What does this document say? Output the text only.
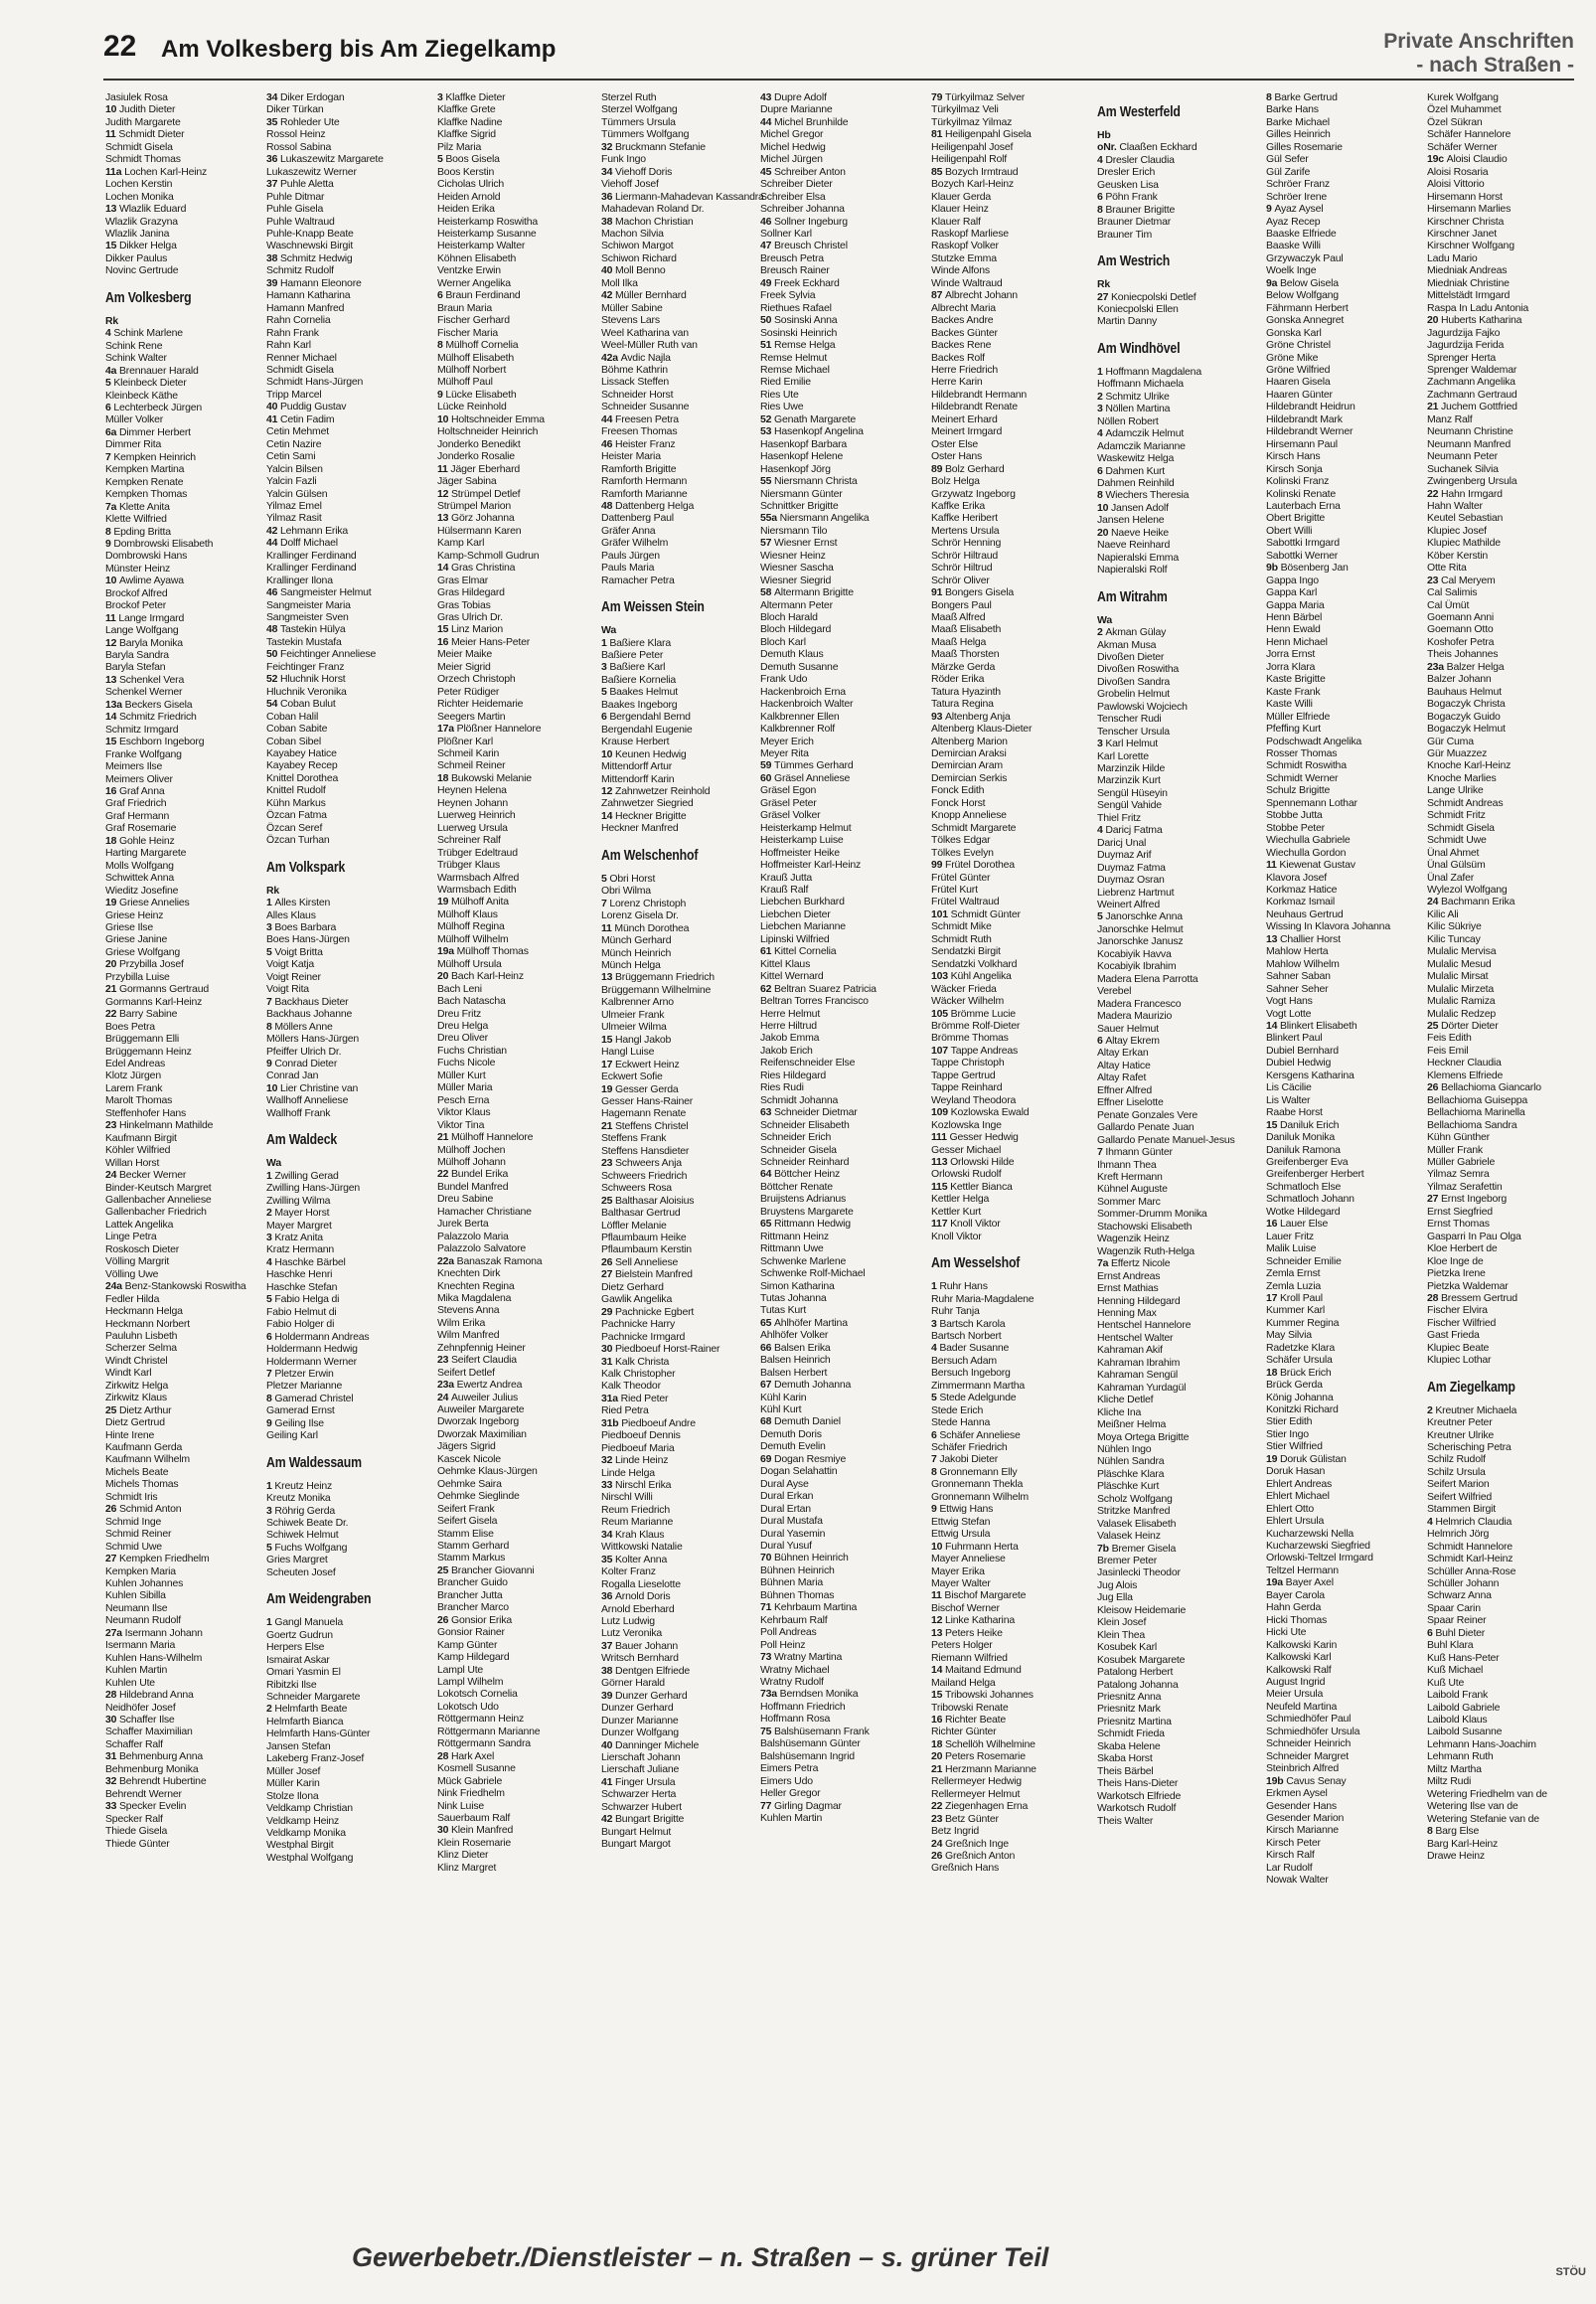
22 Am Volkesberg bis Am Ziegelkamp	Private Anschriften
- nach Straßen -
Jasiulek Rosa
10 Judith Dieter
Judith Margarete
11 Schmidt Dieter
Schmidt Gisela
Schmidt Thomas
11a Lochen Karl-Heinz
Lochen Kerstin
Lochen Monika
13 Wlazlik Eduard
Wlazlik Grazyna
Wlazlik Janina
15 Dikker Helga
Dikker Paulus
Novinc Gertrude
Am Volkesberg
Rk
4 Schink Marlene
Schink Rene
Schink Walter
4a Brennauer Harald
5 Kleinbeck Dieter
Kleinbeck Käthe
6 Lechterbeck Jürgen
Müller Volker
6a Dimmer Herbert
Dimmer Rita
7 Kempken Heinrich
Kempken Martina
Kempken Renate
Kempken Thomas
7a Klette Anita
Klette Wilfried
8 Epding Britta
9 Dombrowski Elisabeth
Dombrowski Hans
Münster Heinz
10 Awlime Ayawa
Brockof Alfred
Brockof Peter
11 Lange Irmgard
Lange Wolfgang
12 Baryla Monika
Baryla Sandra
Baryla Stefan
13 Schenkel Vera
Schenkel Werner
13a Beckers Gisela
14 Schmitz Friedrich
Schmitz Irmgard
15 Eschborn Ingeborg
Franke Wolfgang
Meimers Ilse
Meimers Oliver
16 Graf Anna
Graf Friedrich
Graf Hermann
Graf Rosemarie
18 Gohle Heinz
Harting Margarete
Molls Wolfgang
Schwittek Anna
Wieditz Josefine
19 Griese Annelies
Griese Heinz
Griese Ilse
Griese Janine
Griese Wolfgang
20 Przybilla Josef
Przybilla Luise
21 Gormanns Gertraud
Gormanns Karl-Heinz
22 Barry Sabine
Boes Petra
Brüggemann Elli
Brüggemann Heinz
Edel Andreas
Klotz Jürgen
Larem Frank
Marolt Thomas
Steffenhofer Hans
23 Hinkelmann Mathilde
Kaufmann Birgit
Köhler Wilfried
Willan Horst
24 Becker Werner
Binder-Keutsch Margret
Gallenbacher Anneliese
Gallenbacher Friedrich
Lattek Angelika
Linge Petra
Roskosch Dieter
Völling Margrit
Völling Uwe
24a Benz-Stankowski Roswitha
Fedler Hilda
Heckmann Helga
Heckmann Norbert
Pauluhn Lisbeth
Scherzer Selma
Windt Christel
Windt Karl
Zirkwitz Helga
Zirkwitz Klaus
25 Dietz Arthur
Dietz Gertrud
Hinte Irene
Kaufmann Gerda
Kaufmann Wilhelm
Michels Beate
Michels Thomas
Schmidt Iris
26 Schmid Anton
Schmid Inge
Schmid Reiner
Schmid Uwe
27 Kempken Friedhelm
Kempken Maria
Kuhlen Johannes
Kuhlen Sibilla
Neumann Ilse
Neumann Rudolf
27a Isermann Johann
Isermann Maria
Kuhlen Hans-Wilhelm
Kuhlen Martin
Kuhlen Ute
28 Hildebrand Anna
Neidhöfer Josef
30 Schaffer Ilse
Schaffer Maximilian
Schaffer Ralf
31 Behmenburg Anna
Behmenburg Monika
32 Behrendt Hubertine
Behrendt Werner
33 Specker Evelin
Specker Ralf
Thiede Gisela
Thiede Günter
34 Diker Erdogan
Diker Türkan
35 Rohleder Ute
Rossol Heinz
Rossol Sabina
36 Lukaszewitz Margarete
Lukaszewitz Werner
37 Puhle Aletta
Puhle Ditmar
Puhle Gisela
Puhle Waltraud
Puhle-Knapp Beate
Waschnewski Birgit
38 Schmitz Hedwig
Schmitz Rudolf
39 Hamann Eleonore
Hamann Katharina
Hamann Manfred
Rahn Cornelia
Rahn Frank
Rahn Karl
Renner Michael
Schmidt Gisela
Schmidt Hans-Jürgen
Tripp Marcel
40 Puddig Gustav
41 Cetin Fadim
Cetin Mehmet
Cetin Nazire
Cetin Sami
Yalcin Bilsen
Yalcin Fazli
Yalcin Gülsen
Yilmaz Emel
Yilmaz Rasit
42 Lehmann Erika
44 Dolff Michael
Krallinger Ferdinand
Krallinger Ferdinand
Krallinger Ilona
46 Sangmeister Helmut
Sangmeister Maria
Sangmeister Sven
48 Tastekin Hülya
Tastekin Mustafa
50 Feichtinger Anneliese
Feichtinger Franz
52 Hluchnik Horst
Hluchnik Veronika
54 Coban Bulut
Coban Halil
Coban Sabite
Coban Sibel
Kayabey Hatice
Kayabey Recep
Knittel Dorothea
Knittel Rudolf
Kühn Markus
Özcan Fatma
Özcan Seref
Özcan Turhan
Am Volkspark
Rk
1 Alles Kirsten
Alles Klaus
3 Boes Barbara
Boes Hans-Jürgen
5 Voigt Britta
Voigt Katja
Voigt Reiner
Voigt Rita
7 Backhaus Dieter
Backhaus Johanne
8 Möllers Anne
Möllers Hans-Jürgen
Pfeiffer Ulrich Dr.
9 Conrad Dieter
Conrad Jan
10 Lier Christine van
Wallhoff Anneliese
Wallhoff Frank
Am Waldeck
Wa
1 Zwilling Gerad
Zwilling Hans-Jürgen
Zwilling Wilma
2 Mayer Horst
Mayer Margret
3 Kratz Anita
Kratz Hermann
4 Haschke Bärbel
Haschke Henri
Haschke Stefan
5 Fabio Helga di
Fabio Helmut di
Fabio Holger di
6 Holdermann Andreas
Holdermann Hedwig
Holdermann Werner
7 Pletzer Erwin
Pletzer Marianne
8 Gamerad Christel
Gamerad Ernst
9 Geiling Ilse
Geiling Karl
Am Waldessaum
1 Kreutz Heinz
Kreutz Monika
3 Röhrig Gerda
Schiwek Beate Dr.
Schiwek Helmut
5 Fuchs Wolfgang
Gries Margret
Scheuten Josef
Am Weidengraben
1 Gangl Manuela
Goertz Gudrun
Herpers Else
Ismairat Askar
Omari Yasmin El
Ribitzki Ilse
Schneider Margarete
2 Helmfarth Beate
Helmfarth Bianca
Helmfarth Hans-Günter
Jansen Stefan
Lakeberg Franz-Josef
Müller Josef
Müller Karin
Stolze Ilona
Veldkamp Christian
Veldkamp Heinz
Veldkamp Monika
Westphal Birgit
Westphal Wolfgang
3 Klaffke Dieter
Klaffke Grete
Klaffke Nadine
Klaffke Sigrid
Pilz Maria
5 Boos Gisela
Boos Kerstin
Cicholas Ulrich
Heiden Arnold
Heiden Erika
Heisterkamp Roswitha
Heisterkamp Susanne
Heisterkamp Walter
Köhnen Elisabeth
Ventzke Erwin
Werner Angelika
6 Braun Ferdinand
Braun Maria
Fischer Gerhard
Fischer Maria
8 Mülhoff Cornelia
Mülhoff Elisabeth
Mülhoff Norbert
Mülhoff Paul
9 Lücke Elisabeth
Lücke Reinhold
10 Holtschneider Emma
Holtschneider Heinrich
Jonderko Benedikt
Jonderko Rosalie
11 Jäger Eberhard
Jäger Sabina
12 Strümpel Detlef
Strümpel Marion
13 Görz Johanna
Hülsermann Karen
Kamp Karl
Kamp-Schmoll Gudrun
14 Gras Christina
Gras Elmar
Gras Hildegard
Gras Tobias
Gras Ulrich Dr.
15 Linz Marion
16 Meier Hans-Peter
Meier Maike
Meier Sigrid
Orzech Christoph
Peter Rüdiger
Richter Heidemarie
Seegers Martin
17a Plößner Hannelore
Plößner Karl
Schmeil Karin
Schmeil Reiner
18 Bukowski Melanie
Heynen Helena
Heynen Johann
Luerweg Heinrich
Luerweg Ursula
Schreiner Ralf
Trübger Edeltraud
Trübger Klaus
Warmsbach Alfred
Warmsbach Edith
19 Mülhoff Anita
Mülhoff Klaus
Mülhoff Regina
Mülhoff Wilhelm
19a Mülhoff Thomas
Mülhoff Ursula
20 Bach Karl-Heinz
Bach Leni
Bach Natascha
Dreu Fritz
Dreu Helga
Dreu Oliver
Fuchs Christian
Fuchs Nicole
Müller Kurt
Müller Maria
Pesch Erna
Viktor Klaus
Viktor Tina
21 Mülhoff Hannelore
Mülhoff Jochen
Mülhoff Johann
22 Bundel Erika
Bundel Manfred
Dreu Sabine
Hamacher Christiane
Jurek Berta
Palazzolo Maria
Palazzolo Salvatore
22a Banaszak Ramona
Knechten Dirk
Knechten Regina
Mika Magdalena
Stevens Anna
Wilm Erika
Wilm Manfred
Zehnpfennig Heiner
23 Seifert Claudia
Seifert Detlef
23a Ewertz Andrea
24 Auweiler Julius
Auweiler Margarete
Dworzak Ingeborg
Dworzak Maximilian
Jägers Sigrid
Kascek Nicole
Oehmke Klaus-Jürgen
Oehmke Saira
Oehmke Sieglinde
Seifert Frank
Seifert Gisela
Stamm Elise
Stamm Gerhard
Stamm Markus
25 Brancher Giovanni
Brancher Guido
Brancher Jutta
Brancher Marco
26 Gonsior Erika
Gonsior Rainer
Kamp Günter
Kamp Hildegard
Lampl Ute
Lampl Wilhelm
Lokotsch Cornelia
Lokotsch Udo
Röttgermann Heinz
Röttgermann Marianne
Röttgermann Sandra
28 Hark Axel
Kosmell Susanne
Mück Gabriele
Nink Friedhelm
Nink Luise
Sauerbaum Ralf
30 Klein Manfred
Klein Rosemarie
Klinz Dieter
Klinz Margret
Sterzel Ruth
Sterzel Wolfgang
Tümmers Ursula
Tümmers Wolfgang
32 Bruckmann Stefanie
Funk Ingo
34 Viehoff Doris
Viehoff Josef
36 Liermann-Mahadevan Kassandra
Mahadevan Roland Dr.
38 Machon Christian
Machon Silvia
Schiwon Margot
Schiwon Richard
40 Moll Benno
Moll Ilka
42 Müller Bernhard
Müller Sabine
Stevens Lars
Weel Katharina van
Weel-Müller Ruth van
42a Avdic Najla
Böhme Kathrin
Lissack Steffen
Schneider Horst
Schneider Susanne
44 Freesen Petra
Freesen Thomas
46 Heister Franz
Heister Maria
Ramforth Brigitte
Ramforth Hermann
Ramforth Marianne
48 Dattenberg Helga
Dattenberg Paul
Gräfer Anna
Gräfer Wilhelm
Pauls Jürgen
Pauls Maria
Ramacher Petra
Am Weissen Stein
Wa
1 Baßiere Klara
Baßiere Peter
3 Baßiere Karl
Baßiere Kornelia
5 Baakes Helmut
Baakes Ingeborg
6 Bergendahl Bernd
Bergendahl Eugenie
Krause Herbert
10 Keunen Hedwig
Mittendorff Artur
Mittendorff Karin
12 Zahnwetzer Reinhold
Zahnwetzer Siegried
14 Heckner Brigitte
Heckner Manfred
Am Welschenhof
5 Obri Horst
Obri Wilma
7 Lorenz Christoph
Lorenz Gisela Dr.
11 Münch Dorothea
Münch Gerhard
Münch Heinrich
Münch Helga
13 Brüggemann Friedrich
Brüggemann Wilhelmine
Kalbrenner Arno
Ulmeier Frank
Ulmeier Wilma
15 Hangl Jakob
Hangl Luise
17 Eckwert Heinz
Eckwert Sofie
19 Gesser Gerda
Gesser Hans-Rainer
Hagemann Renate
21 Steffens Christel
Steffens Frank
Steffens Hansdieter
23 Schweers Anja
Schweers Friedrich
Schweers Rosa
25 Balthasar Aloisius
Balthasar Gertrud
Löffler Melanie
Pflaumbaum Heike
Pflaumbaum Kerstin
26 Sell Anneliese
27 Bielstein Manfred
Dietz Gerhard
Gawlik Angelika
29 Pachnicke Egbert
Pachnicke Harry
Pachnicke Irmgard
30 Piedboeuf Horst-Rainer
31 Kalk Christa
Kalk Christopher
Kalk Theodor
31a Ried Peter
Ried Petra
31b Piedboeuf Andre
Piedboeuf Dennis
Piedboeuf Maria
32 Linde Heinz
Linde Helga
33 Nirschl Erika
Nirschl Willi
Reum Friedrich
Reum Marianne
34 Krah Klaus
Wittkowski Natalie
35 Kolter Anna
Kolter Franz
Rogalla Lieselotte
36 Arnold Doris
Arnold Eberhard
Lutz Ludwig
Lutz Veronika
37 Bauer Johann
Writsch Bernhard
38 Dentgen Elfriede
Görner Harald
39 Dunzer Gerhard
Dunzer Gerhard
Dunzer Marianne
Dunzer Wolfgang
40 Danninger Michele
Lierschaft Johann
Lierschaft Juliane
41 Finger Ursula
Schwarzer Herta
Schwarzer Hubert
42 Bungart Brigitte
Bungart Helmut
Bungart Margot
43 Dupre Adolf
Dupre Marianne
44 Michel Brunhilde
Michel Gregor
Michel Hedwig
Michel Jürgen
45 Schreiber Anton
Schreiber Dieter
Schreiber Elsa
Schreiber Johanna
46 Sollner Ingeburg
Sollner Karl
47 Breusch Christel
Breusch Petra
Breusch Rainer
49 Freek Eckhard
Freek Sylvia
Riethues Rafael
50 Sosinski Anna
Sosinski Heinrich
51 Remse Helga
Remse Helmut
Remse Michael
Ried Emilie
Ries Ute
Ries Uwe
52 Genath Margarete
53 Hasenkopf Angelina
Hasenkopf Barbara
Hasenkopf Helene
Hasenkopf Jörg
55 Niersmann Christa
Niersmann Günter
Schnittker Brigitte
55a Niersmann Angelika
Niersmann Tilo
57 Wiesner Ernst
Wiesner Heinz
Wiesner Sascha
Wiesner Siegrid
58 Altermann Brigitte
Altermann Peter
Bloch Harald
Bloch Hildegard
Bloch Karl
Demuth Klaus
Demuth Susanne
Frank Udo
Hackenbroich Erna
Hackenbroich Walter
Kalkbrenner Ellen
Kalkbrenner Rolf
Meyer Erich
Meyer Rita
59 Tümmes Gerhard
60 Gräsel Anneliese
Gräsel Egon
Gräsel Peter
Gräsel Volker
Heisterkamp Helmut
Heisterkamp Luise
Hoffmeister Heike
Hoffmeister Karl-Heinz
Krauß Jutta
Krauß Ralf
Liebchen Burkhard
Liebchen Dieter
Liebchen Marianne
Lipinski Wilfried
61 Kittel Cornelia
Kittel Klaus
Kittel Wernard
62 Beltran Suarez Patricia
Beltran Torres Francisco
Herre Helmut
Herre Hiltrud
Jakob Emma
Jakob Erich
Reifenschneider Else
Ries Hildegard
Ries Rudi
Schmidt Johanna
63 Schneider Dietmar
Schneider Elisabeth
Schneider Erich
Schneider Gisela
Schneider Reinhard
64 Böttcher Heinz
Böttcher Renate
Bruijstens Adrianus
Bruystens Margarete
65 Rittmann Hedwig
Rittmann Heinz
Rittmann Uwe
Schwenke Marlene
Schwenke Rolf-Michael
Simon Katharina
Tutas Johanna
Tutas Kurt
65 Ahlhöfer Martina
Ahlhöfer Volker
66 Balsen Erika
Balsen Heinrich
Balsen Herbert
67 Demuth Johanna
Kühl Karin
Kühl Kurt
68 Demuth Daniel
Demuth Doris
Demuth Evelin
69 Dogan Resmiye
Dogan Selahattin
Dural Ayse
Dural Erkan
Dural Ertan
Dural Mustafa
Dural Yasemin
Dural Yusuf
70 Bühnen Heinrich
Bühnen Heinrich
Bühnen Maria
Bühnen Thomas
71 Kehrbaum Martina
Kehrbaum Ralf
Poll Andreas
Poll Heinz
73 Wratny Martina
Wratny Michael
Wratny Rudolf
73a Berndsen Monika
Hoffmann Friedrich
Hoffmann Rosa
75 Balshüsemann Frank
Balshüsemann Günter
Balshüsemann Ingrid
Eimers Petra
Eimers Udo
Heller Gregor
77 Girling Dagmar
Kuhlen Martin
79 Türkyilmaz Selver
Türkyilmaz Veli
Türkyilmaz Yilmaz
81 Heiligenpahl Gisela
Heiligenpahl Josef
Heiligenpahl Rolf
85 Bozych Irmtraud
Bozych Karl-Heinz
Klauer Gerda
Klauer Heinz
Klauer Ralf
Raskopf Marliese
Raskopf Volker
Stutzke Emma
Winde Alfons
Winde Waltraud
87 Albrecht Johann
Albrecht Maria
Backes Andre
Backes Günter
Backes Rene
Backes Rolf
Herre Friedrich
Herre Karin
Hildebrandt Hermann
Hildebrandt Renate
Meinert Erhard
Meinert Irmgard
Oster Else
Oster Hans
89 Bolz Gerhard
Bolz Helga
Grzywatz Ingeborg
Kaffke Erika
Kaffke Heribert
Mertens Ursula
Schrör Henning
Schrör Hiltraud
Schrör Hiltrud
Schrör Oliver
91 Bongers Gisela
Bongers Paul
Maaß Alfred
Maaß Elisabeth
Maaß Helga
Maaß Thorsten
Märzke Gerda
Röder Erika
Tatura Hyazinth
Tatura Regina
93 Altenberg Anja
Altenberg Klaus-Dieter
Altenberg Marion
Demircian Araksi
Demircian Aram
Demircian Serkis
Fonck Edith
Fonck Horst
Knopp Anneliese
Schmidt Margarete
Tölkes Edgar
Tölkes Evelyn
99 Frütel Dorothea
Frütel Günter
Frütel Kurt
Frütel Waltraud
101 Schmidt Günter
Schmidt Mike
Schmidt Ruth
Sendatzki Birgit
Sendatzki Volkhard
103 Kühl Angelika
Wäcker Frieda
Wäcker Wilhelm
105 Brömme Lucie
Brömme Rolf-Dieter
Brömme Thomas
107 Tappe Andreas
Tappe Christoph
Tappe Gertrud
Tappe Reinhard
Weyland Theodora
109 Kozlowska Ewald
Kozlowska Inge
111 Gesser Hedwig
Gesser Michael
113 Orlowski Hilde
Orlowski Rudolf
115 Kettler Bianca
Kettler Helga
Kettler Kurt
117 Knoll Viktor
Knoll Viktor
Am Wesselshof
1 Ruhr Hans
Ruhr Maria-Magdalene
Ruhr Tanja
3 Bartsch Karola
Bartsch Norbert
4 Bader Susanne
Bersuch Adam
Bersuch Ingeborg
Zimmermann Martha
5 Stede Adelgunde
Stede Erich
Stede Hanna
6 Schäfer Anneliese
Schäfer Friedrich
7 Jakobi Dieter
8 Gronnemann Elly
Gronnemann Thekla
Gronnemann Wilhelm
9 Ettwig Hans
Ettwig Stefan
Ettwig Ursula
10 Fuhrmann Herta
Mayer Anneliese
Mayer Erika
Mayer Walter
11 Bischof Margarete
Bischof Werner
12 Linke Katharina
13 Peters Heike
Peters Holger
Riemann Wilfried
14 Maitand Edmund
Mailand Helga
15 Tribowski Johannes
Tribowski Renate
16 Richter Beate
Richter Günter
18 Schellöh Wilhelmine
20 Peters Rosemarie
21 Herzmann Marianne
Rellermeyer Hedwig
Rellermeyer Helmut
22 Ziegenhagen Erna
23 Betz Günter
Betz Ingrid
24 Greßnich Inge
26 Greßnich Anton
Greßnich Hans
Am Westerfeld
Hb
oNr. Claaßen Eckhard
4 Dresler Claudia
Dresler Erich
Geusken Lisa
6 Pöhn Frank
8 Brauner Brigitte
Brauner Dietmar
Brauner Tim
Am Westrich
Rk
27 Koniecpolski Detlef
Koniecpolski Ellen
Martin Danny
Am Windhövel
1 Hoffmann Magdalena
Hoffmann Michaela
2 Schmitz Ulrike
3 Nöllen Martina
Nöllen Robert
4 Adamczik Helmut
Adamczik Marianne
Waskewitz Helga
6 Dahmen Kurt
Dahmen Reinhild
8 Wiechers Theresia
10 Jansen Adolf
Jansen Helene
20 Naeve Heike
Naeve Reinhard
Napieralski Emma
Napieralski Rolf
Am Witrahm
Wa
2 Akman Gülay
Akman Musa
Divoßen Dieter
Divoßen Roswitha
Divoßen Sandra
Grobelin Helmut
Pawlowski Wojciech
Tenscher Rudi
Tenscher Ursula
3 Karl Helmut
Karl Lorette
Marzinzik Hilde
Marzinzik Kurt
Sengül Hüseyin
Sengül Vahide
Thiel Fritz
4 Daricj Fatma
Daricj Unal
Duymaz Arif
Duymaz Fatma
Duymaz Osran
Liebrenz Hartmut
Weinert Alfred
5 Janorschke Anna
Janorschke Helmut
Janorschke Janusz
Kocabiyik Havva
Kocabiyik Ibrahim
Madera Elena Parrotta
Verebel
Madera Francesco
Madera Maurizio
Sauer Helmut
6 Altay Ekrem
Altay Erkan
Altay Hatice
Altay Rafet
Effner Alfred
Effner Liselotte
Penate Gonzales Vere
Gallardo Penate Juan
Gallardo Penate Manuel-Jesus
7 Ihmann Günter
Ihmann Thea
Kreft Hermann
Kühnel Auguste
Sommer Marc
Sommer-Drumm Monika
Stachowski Elisabeth
Wagenzik Heinz
Wagenzik Ruth-Helga
7a Effertz Nicole
Ernst Andreas
Ernst Mathias
Henning Hildegard
Henning Max
Hentschel Hannelore
Hentschel Walter
Kahraman Akif
Kahraman Ibrahim
Kahraman Sengül
Kahraman Yurdagül
Kliche Detlef
Kliche Ina
Meißner Helma
Moya Ortega Brigitte
Nühlen Ingo
Nühlen Sandra
Pläschke Klara
Pläschke Kurt
Scholz Wolfgang
Stritzke Manfred
Valasek Elisabeth
Valasek Heinz
7b Bremer Gisela
Bremer Peter
Jasinlecki Theodor
Jug Alois
Jug Ella
Kleisow Heidemarie
Klein Josef
Klein Thea
Kosubek Karl
Kosubek Margarete
Patalong Herbert
Patalong Johanna
Priesnitz Anna
Priesnitz Mark
Priesnitz Martina
Schmidt Frieda
Skaba Helene
Skaba Horst
Theis Bärbel
Theis Hans-Dieter
Warkotsch Elfriede
Warkotsch Rudolf
Theis Walter
8 Barke Gertrud
Barke Hans
Barke Michael
Gilles Heinrich
Gilles Rosemarie
Gül Sefer
Gül Zarife
Schröer Franz
Schröer Irene
9 Ayaz Aysel
Ayaz Recep
Baaske Elfriede
Baaske Willi
Grzywaczyk Paul
Woelk Inge
9a Below Gisela
Below Wolfgang
Fährmann Herbert
Gonska Annegret
Gonska Karl
Gröne Christel
Gröne Mike
Gröne Wilfried
Haaren Gisela
Haaren Günter
Hildebrandt Heidrun
Hildebrandt Mark
Hildebrandt Werner
Hirsemann Paul
Kirsch Hans
Kirsch Sonja
Kolinski Franz
Kolinski Renate
Lauterbach Erna
Obert Brigitte
Obert Willi
Sabottki Irmgard
Sabottki Werner
9b Bösenberg Jan
Gappa Ingo
Gappa Karl
Gappa Maria
Henn Bärbel
Henn Ewald
Henn Michael
Jorra Ernst
Jorra Klara
Kaste Brigitte
Kaste Frank
Kaste Willi
Müller Elfriede
Pfeffing Kurt
Podschwadt Angelika
Rosser Thomas
Schmidt Roswitha
Schmidt Werner
Schulz Brigitte
Spennemann Lothar
Stobbe Jutta
Stobbe Peter
Wiechulla Gabriele
Wiechulla Gordon
11 Kiewenat Gustav
Klavora Josef
Korkmaz Hatice
Korkmaz Ismail
Neuhaus Gertrud
Wissing In Klavora Johanna
13 Challier Horst
Mahlow Herta
Mahlow Wilhelm
Sahner Saban
Sahner Seher
Vogt Hans
Vogt Lotte
14 Blinkert Elisabeth
Blinkert Paul
Dubiel Bernhard
Dubiel Hedwig
Kersgens Katharina
Lis Cäcilie
Lis Walter
Raabe Horst
15 Daniluk Erich
Daniluk Monika
Daniluk Ramona
Greifenberger Eva
Greifenberger Herbert
Schmatloch Else
Schmatloch Johann
Wotke Hildegard
16 Lauer Else
Lauer Fritz
Malik Luise
Schneider Emilie
Zemla Ernst
Zemla Luzia
17 Kroll Paul
Kummer Karl
Kummer Regina
May Silvia
Radetzke Klara
Schäfer Ursula
18 Brück Erich
Brück Gerda
König Johanna
Konitzki Richard
Stier Edith
Stier Ingo
Stier Wilfried
19 Doruk Gülistan
Doruk Hasan
Ehlert Andreas
Ehlert Michael
Ehlert Otto
Ehlert Ursula
Kucharzewski Nella
Kucharzewski Siegfried
Orlowski-Teltzel Irmgard
Teltzel Hermann
19a Bayer Axel
Bayer Carola
Hahn Gerda
Hicki Thomas
Hicki Ute
Kalkowski Karin
Kalkowski Karl
Kalkowski Ralf
August Ingrid
Meier Ursula
Neufeld Martina
Schmiedhöfer Paul
Schmiedhöfer Ursula
Schneider Heinrich
Schneider Margret
Steinbrich Alfred
19b Cavus Senay
Erkmen Aysel
Gesender Hans
Gesender Marion
Kirsch Marianne
Kirsch Peter
Kirsch Ralf
Lar Rudolf
Nowak Walter
Kurek Wolfgang
Özel Muhammet
Özel Sükran
Schäfer Hannelore
Schäfer Werner
19c Aloisi Claudio
Aloisi Rosaria
Aloisi Vittorio
Hirsemann Horst
Hirsemann Marlies
Kirschner Christa
Kirschner Janet
Kirschner Wolfgang
Ladu Mario
Miedniak Andreas
Miedniak Christine
Mittelstädt Irmgard
Raspa In Ladu Antonia
20 Huberts Katharina
Jagurdzija Fajko
Jagurdzija Ferida
Sprenger Herta
Sprenger Waldemar
Zachmann Angelika
Zachmann Gertraud
21 Juchem Gottfried
Manz Ralf
Neumann Christine
Neumann Manfred
Neumann Peter
Suchanek Silvia
Zwingenberg Ursula
22 Hahn Irmgard
Hahn Walter
Keutel Sebastian
Klupiec Josef
Klupiec Mathilde
Köber Kerstin
Otte Rita
23 Cal Meryem
Cal Salimis
Cal Ümüt
Goemann Anni
Goemann Otto
Koshofer Petra
Theis Johannes
23a Balzer Helga
Balzer Johann
Bauhaus Helmut
Bogaczyk Christa
Bogaczyk Guido
Bogaczyk Helmut
Gür Cuma
Gür Muazzez
Knoche Karl-Heinz
Knoche Marlies
Lange Ulrike
Schmidt Andreas
Schmidt Fritz
Schmidt Gisela
Schmidt Uwe
Ünal Ahmet
Ünal Gülsüm
Ünal Zafer
Wylezol Wolfgang
24 Bachmann Erika
Kilic Ali
Kilic Sükriye
Kilic Tuncay
Mulalic Mervisa
Mulalic Mesud
Mulalic Mirsat
Mulalic Mirzeta
Mulalic Ramiza
Mulalic Redzep
25 Dörter Dieter
Feis Edith
Feis Emil
Heckner Claudia
Klemens Elfriede
26 Bellachioma Giancarlo
Bellachioma Guiseppa
Bellachioma Marinella
Bellachioma Sandra
Kühn Günther
Müller Frank
Müller Gabriele
Yilmaz Semra
Yilmaz Serafettin
27 Ernst Ingeborg
Ernst Siegfried
Ernst Thomas
Gasparri In Pau Olga
Kloe Herbert de
Kloe Inge de
Pietzka Irene
Pietzka Waldemar
28 Bressem Gertrud
Fischer Elvira
Fischer Wilfried
Gast Frieda
Klupiec Beate
Klupiec Lothar
Am Ziegelkamp
2 Kreutner Michaela
Kreutner Peter
Kreutner Ulrike
Scherisching Petra
Schilz Rudolf
Schilz Ursula
Seifert Marion
Seifert Wilfried
Stammen Birgit
4 Helmrich Claudia
Helmrich Jörg
Schmidt Hannelore
Schmidt Karl-Heinz
Schüller Anna-Rose
Schüller Johann
Schwarz Anna
Spaar Carin
Spaar Reiner
6 Buhl Dieter
Buhl Klara
Kuß Hans-Peter
Kuß Michael
Kuß Ute
Laibold Frank
Laibold Gabriele
Laibold Klaus
Laibold Susanne
Lehmann Hans-Joachim
Lehmann Ruth
Miltz Martha
Miltz Rudi
Wetering Friedhelm van de
Wetering Ilse van de
Wetering Stefanie van de
8 Barg Else
Barg Karl-Heinz
Drawe Heinz
Gewerbebetr./Dienstleister – n. Straßen – s. grüner Teil	STÖU
